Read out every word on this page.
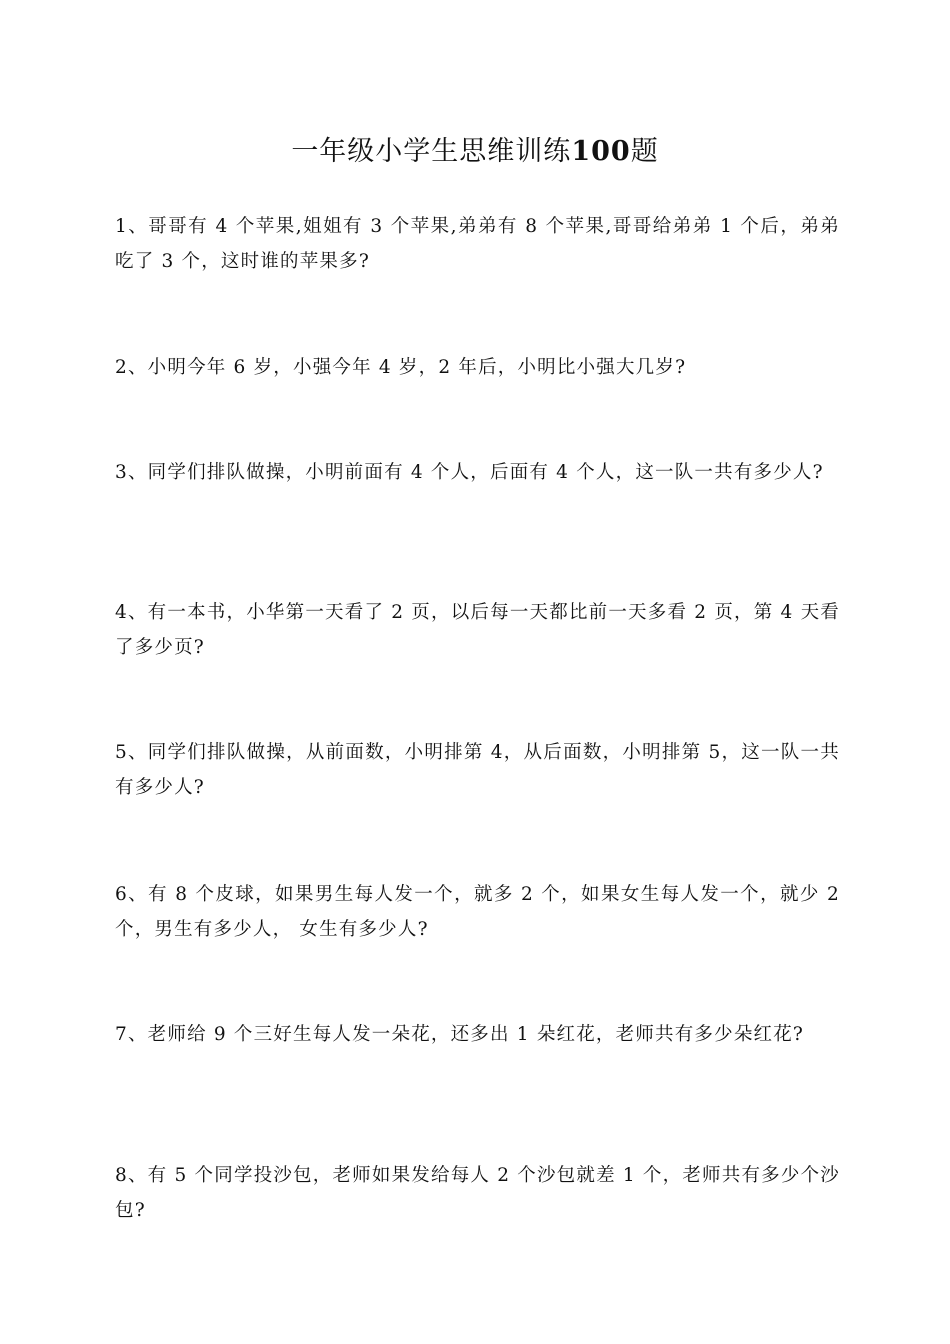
一年级小学生思维训练100题

1、哥哥有 4 个苹果,姐姐有 3 个苹果,弟弟有 8 个苹果,哥哥给弟弟 1 个后，弟弟吃了 3 个，这时谁的苹果多?

2、小明今年 6 岁，小强今年 4 岁，2 年后，小明比小强大几岁?

3、同学们排队做操，小明前面有 4 个人，后面有 4 个人，这一队一共有多少人?

4、有一本书，小华第一天看了 2 页，以后每一天都比前一天多看 2 页，第 4 天看了多少页?

5、同学们排队做操，从前面数，小明排第 4，从后面数，小明排第 5，这一队一共有多少人?

6、有 8 个皮球，如果男生每人发一个，就多 2 个，如果女生每人发一个，就少 2 个，男生有多少人， 女生有多少人?

7、老师给 9 个三好生每人发一朵花，还多出 1 朵红花，老师共有多少朵红花?

8、有 5 个同学投沙包，老师如果发给每人 2 个沙包就差 1 个，老师共有多少个沙包?
